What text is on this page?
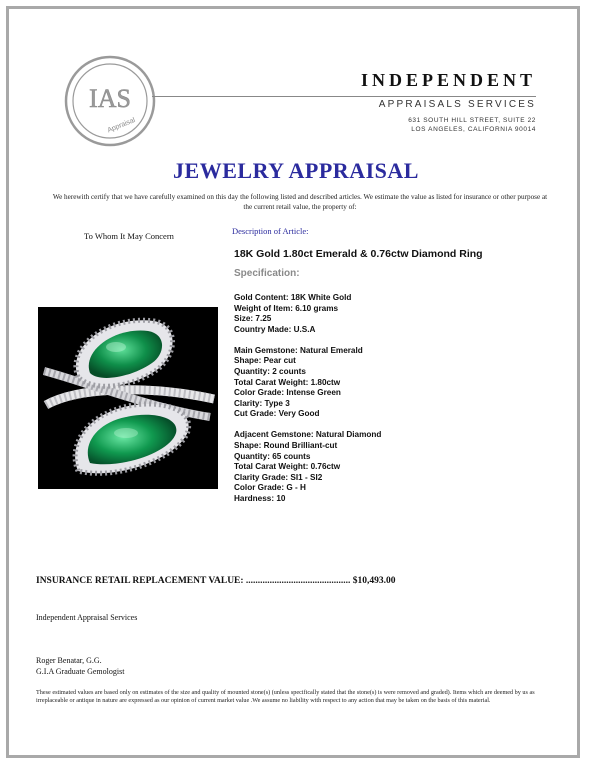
IAS
Appraisal
INDEPENDENT
APPRAISALS SERVICES
631 SOUTH HILL STREET, SUITE 22
LOS ANGELES, CALIFORNIA 90014
JEWELRY APPRAISAL
We herewith certify that we have carefully examined on this day the following listed and described articles. We estimate the value as listed for insurance or other purpose at the current retail value, the property of:
To Whom It May Concern	Description of Article:
18K Gold 1.80ct Emerald & 0.76ctw Diamond Ring
Specification:
Gold Content: 18K White Gold
Weight of Item: 6.10 grams
Size: 7.25
Country Made: U.S.A
Main Gemstone: Natural Emerald
Shape: Pear cut
Quantity: 2 counts
Total Carat Weight: 1.80ctw
Color Grade: Intense Green
Clarity: Type 3
Cut Grade: Very Good
Adjacent Gemstone: Natural Diamond
Shape: Round Brilliant-cut
Quantity: 65 counts
Total Carat Weight: 0.76ctw
Clarity Grade: SI1 - SI2
Color Grade: G - H
Hardness: 10
INSURANCE RETAIL REPLACEMENT VALUE: ............................................ $10,493.00
Independent Appraisal Services
Roger Benatar, G.G.
G.I.A Graduate Gemologist
These estimated values are based only on estimates of the size and quality of mounted stone(s) (unless specifically stated that the stone(s) is were removed and graded). Items which are deemed by us as irreplaceable or antique in nature are expressed as our opinion of current market value .We assume no liability with respect to any action that may be taken on the basis of this material.
